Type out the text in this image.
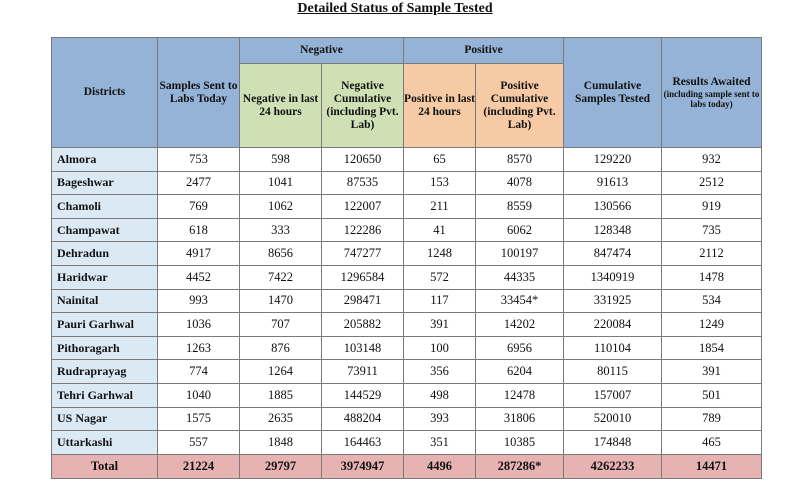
Detailed Status of Sample Tested
Districts	Samples Sent to Labs Today	Negative		Positive		Cumulative Samples Tested	Results Awaited
(including sample sent to labs today)

		Negative in last 24 hours	Negative Cumulative (including Pvt. Lab)	Positive in last 24 hours	Positive Cumulative (including Pvt. Lab)		
Almora	753	598	120650	65	8570	129220	932
Bageshwar	2477	1041	87535	153	4078	91613	2512
Chamoli	769	1062	122007	211	8559	130566	919
Champawat	618	333	122286	41	6062	128348	735
Dehradun	4917	8656	747277	1248	100197	847474	2112
Haridwar	4452	7422	1296584	572	44335	1340919	1478
Nainital	993	1470	298471	117	33454*	331925	534
Pauri Garhwal	1036	707	205882	391	14202	220084	1249
Pithoragarh	1263	876	103148	100	6956	110104	1854
Rudraprayag	774	1264	73911	356	6204	80115	391
Tehri Garhwal	1040	1885	144529	498	12478	157007	501
US Nagar	1575	2635	488204	393	31806	520010	789
Uttarkashi	557	1848	164463	351	10385	174848	465
Total	21224	29797	3974947	4496	287286*	4262233	14471
